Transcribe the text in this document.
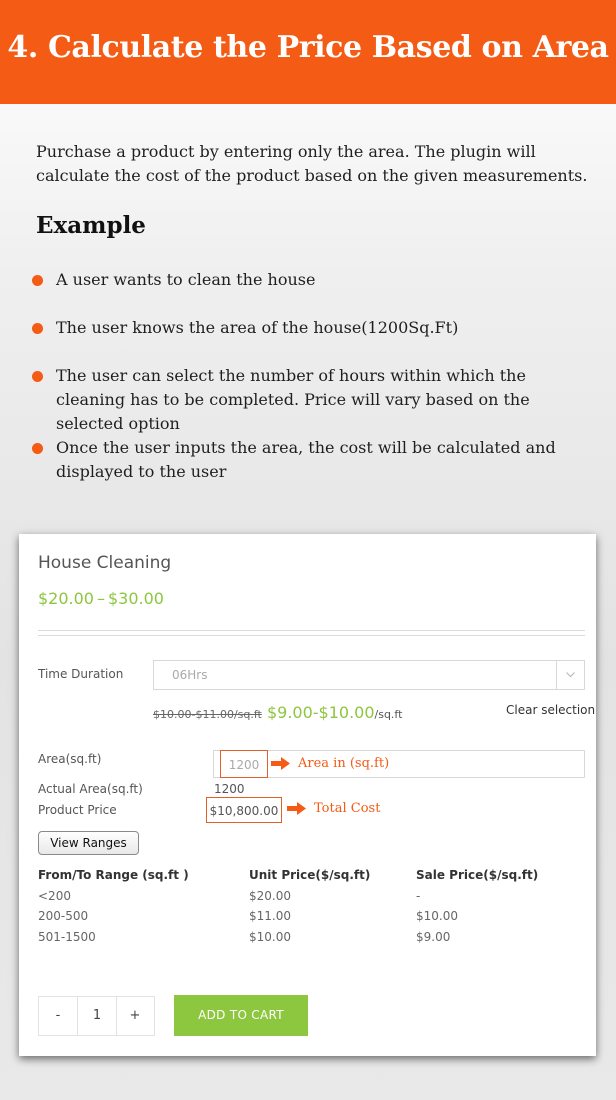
4. Calculate the Price Based on Area
Purchase a product by entering only the area. The plugin will calculate the cost of the product based on the given measurements.
Example
A user wants to clean the house
The user knows the area of the house(1200Sq.Ft)
The user can select the number of hours within which the cleaning has to be completed. Price will vary based on the selected option
Once the user inputs the area, the cost will be calculated and displayed to the user
House Cleaning
$20.00 – $30.00
Time Duration	06Hrs
$10.00-$11.00/sq.ft $9.00-$10.00/sq.ft	Clear selection
Area(sq.ft)	1200	Area in (sq.ft)
Actual Area(sq.ft)	1200
Product Price	$10,800.00	Total Cost
View Ranges
From/To Range (sq.ft )	Unit Price($/sq.ft)	Sale Price($/sq.ft)
<200	$20.00	-
200-500	$11.00	$10.00
501-1500	$10.00	$9.00
-	1	+	ADD TO CART
